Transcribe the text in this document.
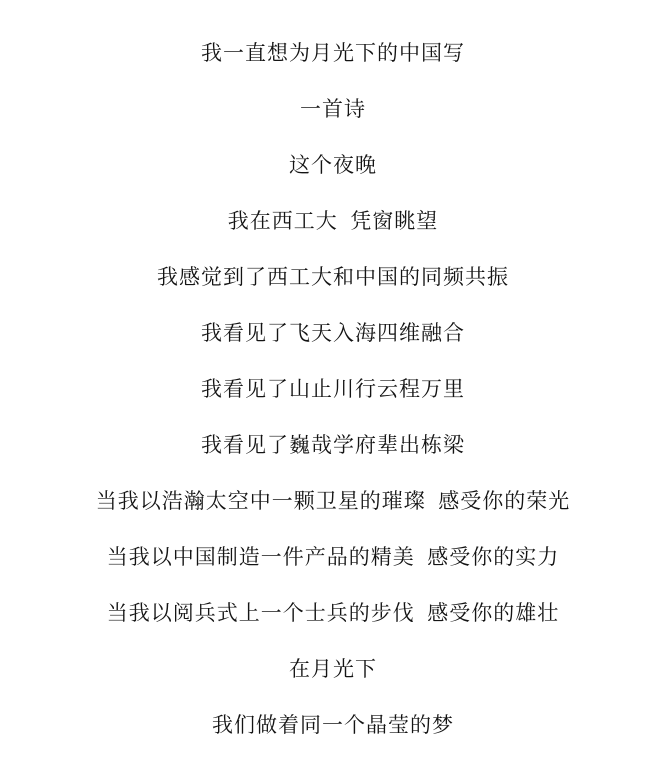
我一直想为月光下的中国写

一首诗

这个夜晚

我在西工大  凭窗眺望

我感觉到了西工大和中国的同频共振

我看见了飞天入海四维融合

我看见了山止川行云程万里

我看见了巍哉学府辈出栋梁

当我以浩瀚太空中一颗卫星的璀璨  感受你的荣光

当我以中国制造一件产品的精美  感受你的实力

当我以阅兵式上一个士兵的步伐  感受你的雄壮

在月光下

我们做着同一个晶莹的梦
